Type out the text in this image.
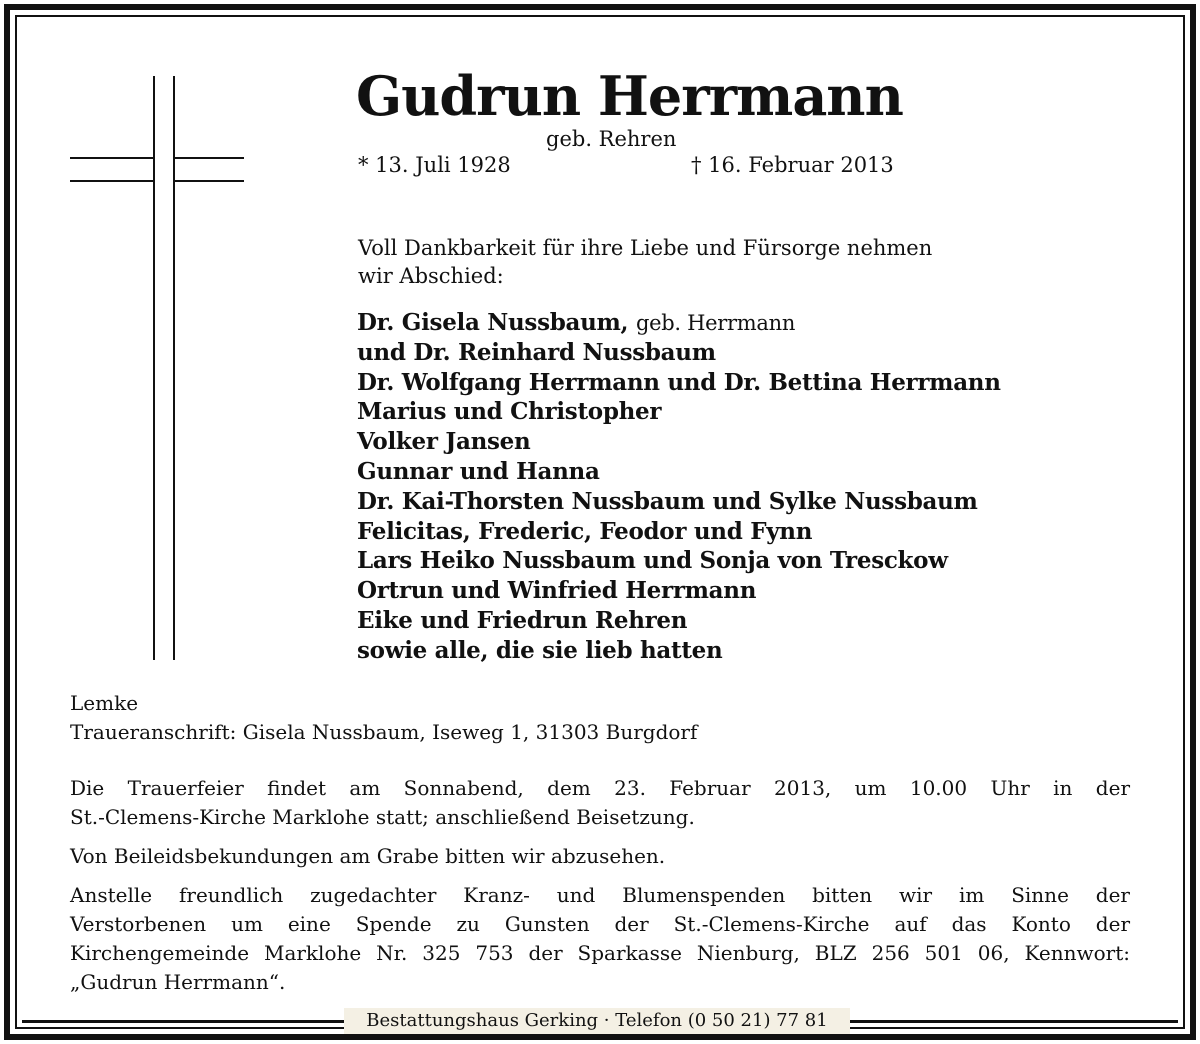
Gudrun Herrmann
geb. Rehren
* 13. Juli 1928	† 16. Februar 2013
Voll Dankbarkeit für ihre Liebe und Fürsorge nehmen
wir Abschied:
Dr. Gisela Nussbaum, geb. Herrmann
und Dr. Reinhard Nussbaum
Dr. Wolfgang Herrmann und Dr. Bettina Herrmann
Marius und Christopher
Volker Jansen
Gunnar und Hanna
Dr. Kai-Thorsten Nussbaum und Sylke Nussbaum
Felicitas, Frederic, Feodor und Fynn
Lars Heiko Nussbaum und Sonja von Tresckow
Ortrun und Winfried Herrmann
Eike und Friedrun Rehren
sowie alle, die sie lieb hatten
Lemke
Traueranschrift: Gisela Nussbaum, Iseweg 1, 31303 Burgdorf
Die Trauerfeier findet am Sonnabend, dem 23. Februar 2013, um 10.00 Uhr in der
St.-Clemens-Kirche Marklohe statt; anschließend Beisetzung.
Von Beileidsbekundungen am Grabe bitten wir abzusehen.
Anstelle freundlich zugedachter Kranz- und Blumenspenden bitten wir im Sinne der
Verstorbenen um eine Spende zu Gunsten der St.-Clemens-Kirche auf das Konto der
Kirchengemeinde Marklohe Nr. 325 753 der Sparkasse Nienburg, BLZ 256 501 06, Kennwort:
„Gudrun Herrmann“.
Bestattungshaus Gerking · Telefon (0 50 21) 77 81
